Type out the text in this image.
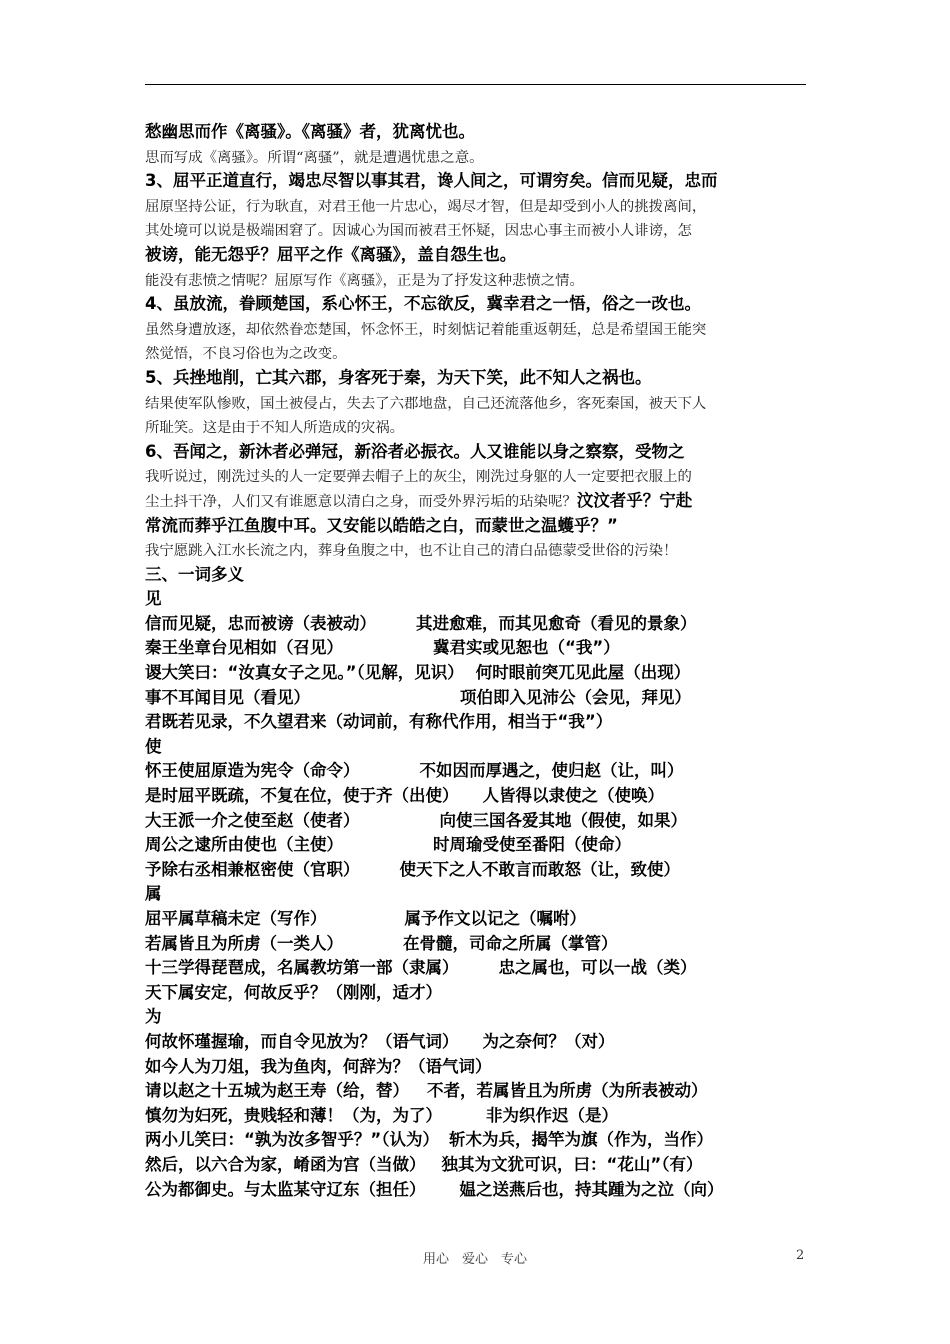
愁幽思而作《离骚》。《离骚》者，犹离忧也。
思而写成《离骚》。所谓“离骚”，就是遭遇忧患之意。
3、屈平正道直行，竭忠尽智以事其君，谗人间之，可谓穷矣。信而见疑，忠而
屈原坚持公证，行为耿直，对君王他一片忠心，竭尽才智，但是却受到小人的挑拨离间，
其处境可以说是极端困窘了。因诚心为国而被君王怀疑，因忠心事主而被小人诽谤，怎
被谤，能无怨乎？屈平之作《离骚》，盖自怨生也。
能没有悲愤之情呢？屈原写作《离骚》，正是为了抒发这种悲愤之情。
4、虽放流，眷顾楚国，系心怀王，不忘欲反，冀幸君之一悟，俗之一改也。
虽然身遭放逐，却依然眷恋楚国，怀念怀王，时刻惦记着能重返朝廷，总是希望国王能突
然觉悟，不良习俗也为之改变。
5、兵挫地削，亡其六郡，身客死于秦，为天下笑，此不知人之祸也。
结果使军队惨败，国土被侵占，失去了六郡地盘，自己还流落他乡，客死秦国，被天下人
所耻笑。这是由于不知人所造成的灾祸。
6、吾闻之，新沐者必弹冠，新浴者必振衣。人又谁能以身之察察，受物之
我听说过，刚洗过头的人一定要弹去帽子上的灰尘，刚洗过身躯的人一定要把衣服上的
尘土抖干净，人们又有谁愿意以清白之身，而受外界污垢的玷染呢？汶汶者乎？宁赴
常流而葬乎江鱼腹中耳。又安能以皓皓之白，而蒙世之温蠖乎？”
我宁愿跳入江水长流之内，葬身鱼腹之中，也不让自己的清白品德蒙受世俗的污染！
三、一词多义
见
信而见疑，忠而被谤（表被动） 其进愈难，而其见愈奇（看见的景象）
秦王坐章台见相如（召见）	冀君实或见恕也（“我”）
谡大笑曰：“汝真女子之见。”（见解，见识） 何时眼前突兀见此屋（出现）
事不耳闻目见（看见）	项伯即入见沛公（会见，拜见）
君既若见录，不久望君来（动词前，有称代作用，相当于“我”）
使
怀王使屈原造为宪令（命令）	不如因而厚遇之，使归赵（让，叫）
是时屈平既疏，不复在位，使于齐（出使） 人皆得以隶使之（使唤）
大王派一介之使至赵（使者）	向使三国各爱其地（假使，如果）
周公之逮所由使也（主使）	时周瑜受使至番阳（使命）
予除右丞相兼枢密使（官职） 使天下之人不敢言而敢怒（让，致使）
属
屈平属草稿未定（写作）	属予作文以记之（嘱咐）
若属皆且为所虏（一类人）	在骨髓，司命之所属（掌管）
十三学得琵琶成，名属教坊第一部（隶属） 忠之属也，可以一战（类）
天下属安定，何故反乎？（刚刚，适才）
为
何故怀瑾握瑜，而自令见放为？（语气词） 为之奈何？（对）
如今人为刀俎，我为鱼肉，何辞为？（语气词）
请以赵之十五城为赵王寿（给，替） 不者，若属皆且为所虏（为所表被动）
慎勿为妇死，贵贱轻和薄！（为，为了）	非为织作迟（是）
两小儿笑曰：“孰为汝多智乎？”（认为） 斩木为兵，揭竿为旗（作为，当作）
然后，以六合为家，崤函为宫（当做） 独其为文犹可识，曰：“花山”（有）
公为都御史。与太监某守辽东（担任） 媪之送燕后也，持其踵为之泣（向）
用心　爱心　专心	2
